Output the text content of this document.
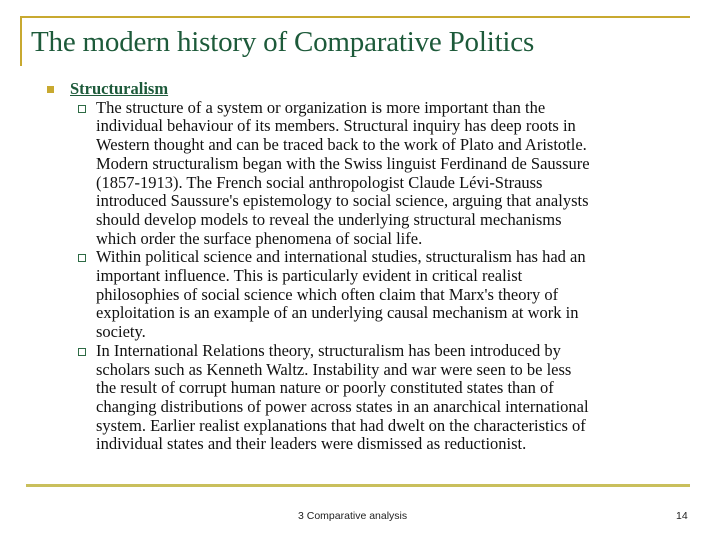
The modern history of Comparative Politics
Structuralism
The structure of a system or organization is more important than the
individual behaviour of its members. Structural inquiry has deep roots in
Western thought and can be traced back to the work of Plato and Aristotle.
Modern structuralism began with the Swiss linguist Ferdinand de Saussure
(1857-1913). The French social anthropologist Claude Lévi-Strauss
introduced Saussure's epistemology to social science, arguing that analysts
should develop models to reveal the underlying structural mechanisms
which order the surface phenomena of social life.
Within political science and international studies, structuralism has had an
important influence. This is particularly evident in critical realist
philosophies of social science which often claim that Marx's theory of
exploitation is an example of an underlying causal mechanism at work in
society.
In International Relations theory, structuralism has been introduced by
scholars such as Kenneth Waltz. Instability and war were seen to be less
the result of corrupt human nature or poorly constituted states than of
changing distributions of power across states in an anarchical international
system. Earlier realist explanations that had dwelt on the characteristics of
individual states and their leaders were dismissed as reductionist.
3 Comparative analysis	14
